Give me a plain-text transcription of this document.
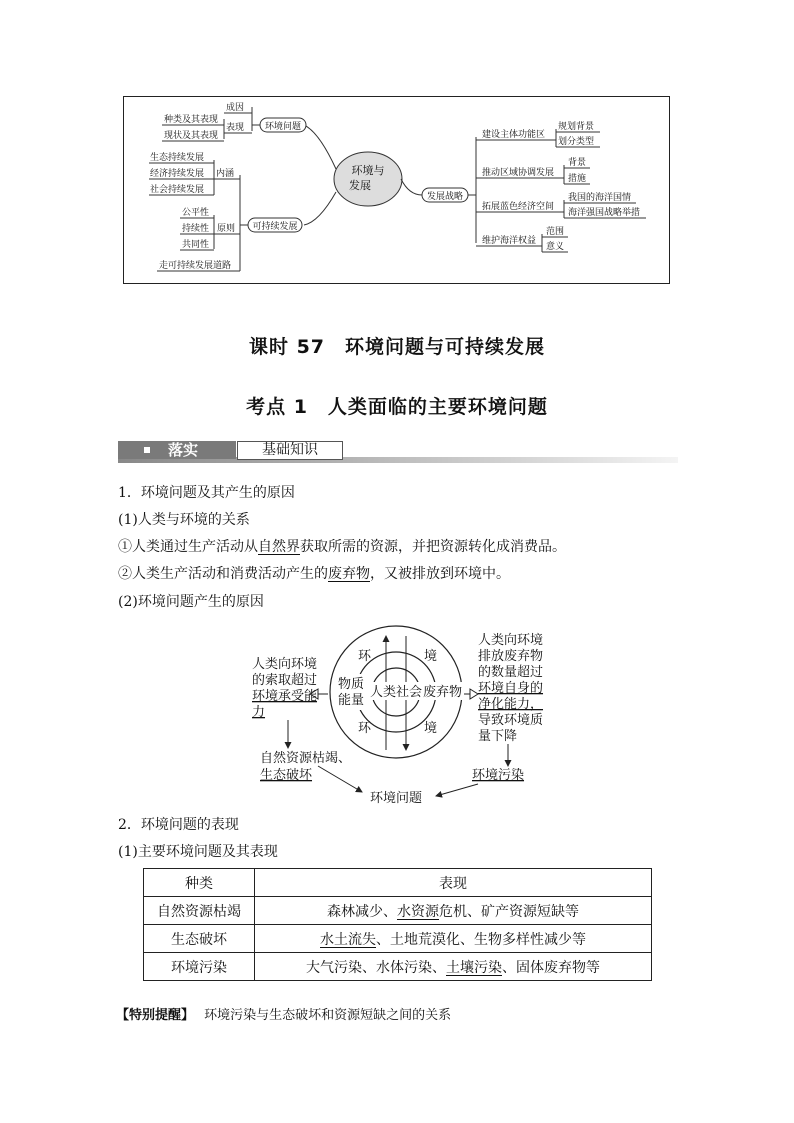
环境与
发展
环境问题
成因
表现
种类及其表现
现状及其表现
可持续发展
内涵
生态持续发展
经济持续发展
社会持续发展
原则
公平性
持续性
共同性
走可持续发展道路
发展战略
建设主体功能区
规划背景
划分类型
推动区域协调发展
背景
措施
拓展蓝色经济空间
我国的海洋国情
海洋强国战略举措
维护海洋权益
范围
意义
课时 57　环境问题与可持续发展
考点 1　人类面临的主要环境问题
落实	基础知识
1．环境问题及其产生的原因
(1)人类与环境的关系
①人类通过生产活动从自然界获取所需的资源，并把资源转化成消费品。
②人类生产活动和消费活动产生的废弃物，又被排放到环境中。
(2)环境问题产生的原因
环	境
环	境
人类社会
物质
能量
废弃物
人类向环境
的索取超过
环境承受能
力
人类向环境
排放废弃物
的数量超过
环境自身的
净化能力，
导致环境质
量下降
自然资源枯竭、
生态破坏	环境污染
环境问题
2．环境问题的表现
(1)主要环境问题及其表现
种类	表现
自然资源枯竭	森林减少、水资源危机、矿产资源短缺等
生态破坏	水土流失、土地荒漠化、生物多样性减少等
环境污染	大气污染、水体污染、土壤污染、固体废弃物等
【特别提醒】 环境污染与生态破坏和资源短缺之间的关系
